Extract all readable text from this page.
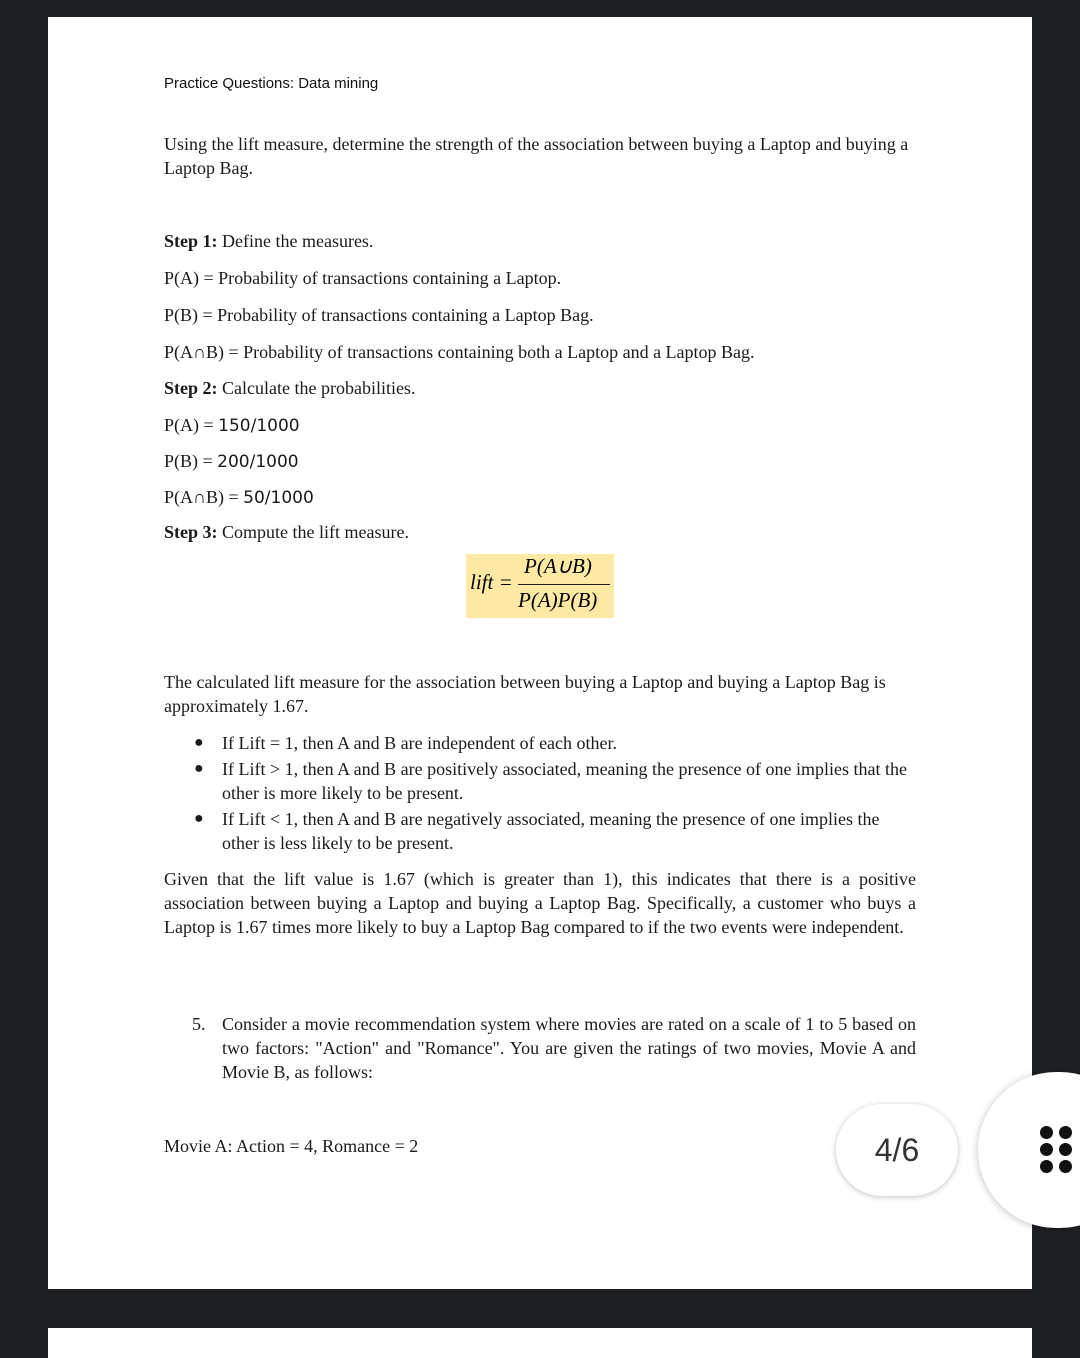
Practice Questions: Data mining
Using the lift measure, determine the strength of the association between buying a Laptop and buying a Laptop Bag.
Step 1: Define the measures.
P(A) = Probability of transactions containing a Laptop.
P(B) = Probability of transactions containing a Laptop Bag.
P(A∩B) = Probability of transactions containing both a Laptop and a Laptop Bag.
Step 2: Calculate the probabilities.
P(A) = 150/1000
P(B) = 200/1000
P(A∩B) = 50/1000
Step 3: Compute the lift measure.
lift =
P(A∪B)
P(A)P(B)
The calculated lift measure for the association between buying a Laptop and buying a Laptop Bag is approximately 1.67.
● If Lift = 1, then A and B are independent of each other.
● If Lift > 1, then A and B are positively associated, meaning the presence of one implies that the other is more likely to be present.
● If Lift < 1, then A and B are negatively associated, meaning the presence of one implies the other is less likely to be present.
Given that the lift value is 1.67 (which is greater than 1), this indicates that there is a positive association between buying a Laptop and buying a Laptop Bag. Specifically, a customer who buys a Laptop is 1.67 times more likely to buy a Laptop Bag compared to if the two events were independent.
5. Consider a movie recommendation system where movies are rated on a scale of 1 to 5 based on two factors: "Action" and "Romance". You are given the ratings of two movies, Movie A and Movie B, as follows:
Movie A: Action = 4, Romance = 2	4/6
